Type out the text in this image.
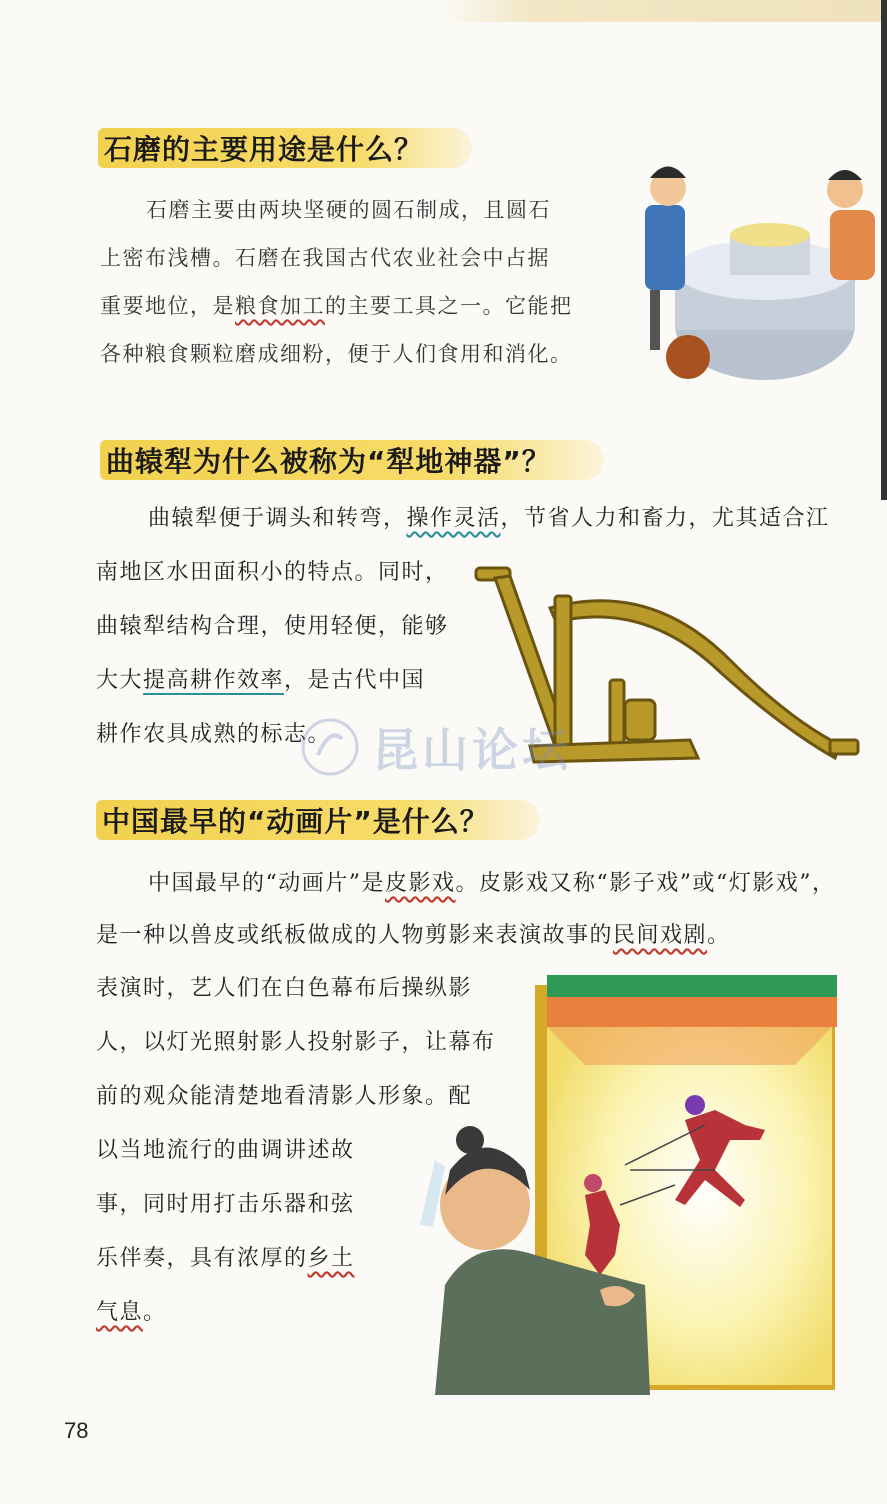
石磨的主要用途是什么？
石磨主要由两块坚硬的圆石制成，且圆石
上密布浅槽。石磨在我国古代农业社会中占据
重要地位，是粮食加工的主要工具之一。它能把
各种粮食颗粒磨成细粉，便于人们食用和消化。
曲辕犁为什么被称为“犁地神器”？
曲辕犁便于调头和转弯，操作灵活，节省人力和畜力，尤其适合江
南地区水田面积小的特点。同时，
曲辕犁结构合理，使用轻便，能够
大大提高耕作效率，是古代中国
耕作农具成熟的标志。 昆山论坛
中国最早的“动画片”是什么？
中国最早的“动画片”是皮影戏。皮影戏又称“影子戏”或“灯影戏”，
是一种以兽皮或纸板做成的人物剪影来表演故事的民间戏剧。
表演时，艺人们在白色幕布后操纵影
人，以灯光照射影人投射影子，让幕布
前的观众能清楚地看清影人形象。配
以当地流行的曲调讲述故
事，同时用打击乐器和弦
乐伴奏，具有浓厚的乡土
气息。
78
